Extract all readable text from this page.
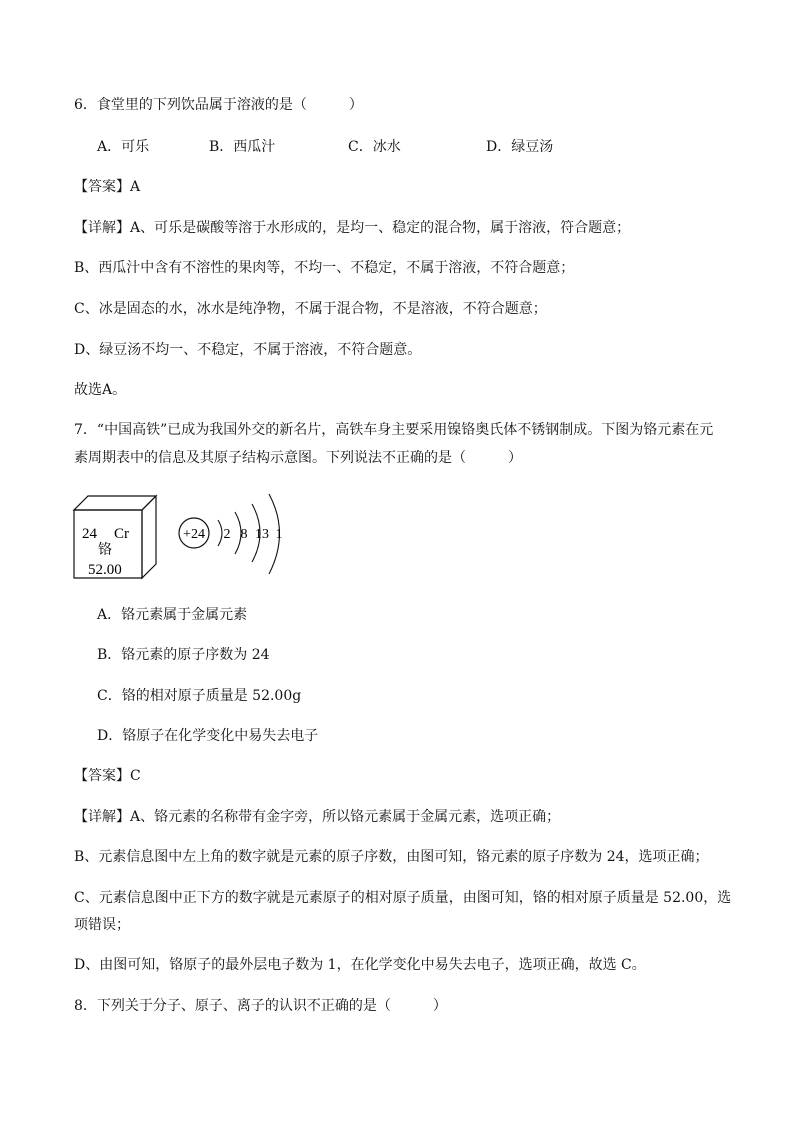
6．食堂里的下列饮品属于溶液的是（　　　）
A．可乐	B．西瓜汁	C．冰水	D．绿豆汤
【答案】A
【详解】A、可乐是碳酸等溶于水形成的，是均一、稳定的混合物，属于溶液，符合题意；
B、西瓜汁中含有不溶性的果肉等，不均一、不稳定，不属于溶液，不符合题意；
C、冰是固态的水，冰水是纯净物，不属于混合物，不是溶液，不符合题意；
D、绿豆汤不均一、不稳定，不属于溶液，不符合题意。
故选A。
7．“中国高铁”已成为我国外交的新名片，高铁车身主要采用镍铬奥氏体不锈钢制成。下图为铬元素在元
素周期表中的信息及其原子结构示意图。下列说法不正确的是（　　　）
24 Cr
铬
52.00
+24 2 8 13 1
A．铬元素属于金属元素
B．铬元素的原子序数为 24
C．铬的相对原子质量是 52.00g
D．铬原子在化学变化中易失去电子
【答案】C
【详解】A、铬元素的名称带有金字旁，所以铬元素属于金属元素，选项正确；
B、元素信息图中左上角的数字就是元素的原子序数，由图可知，铬元素的原子序数为 24，选项正确；
C、元素信息图中正下方的数字就是元素原子的相对原子质量，由图可知，铬的相对原子质量是 52.00，选
项错误；
D、由图可知，铬原子的最外层电子数为 1，在化学变化中易失去电子，选项正确，故选 C。
8．下列关于分子、原子、离子的认识不正确的是（　　　）
